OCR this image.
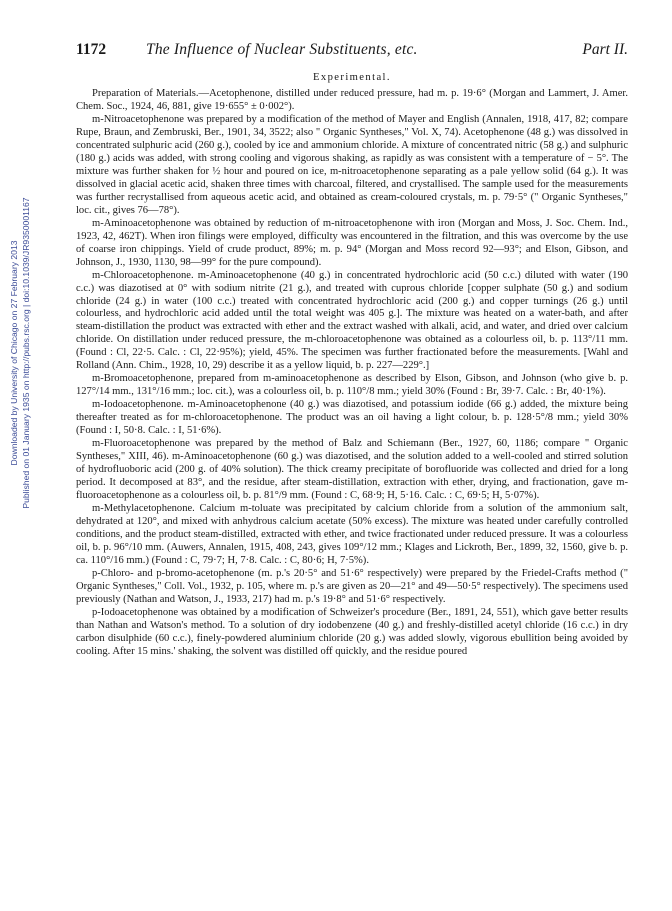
1172	The Influence of Nuclear Substituents, etc.	Part II.
Experimental.
Downloaded by University of Chicago on 27 February 2013 Published on 01 January 1935 on http://pubs.rsc.org | doi:10.1039/JR9350001167

Preparation of Materials.—Acetophenone, distilled under reduced pressure, had m. p. 19·6° (Morgan and Lammert, J. Amer. Chem. Soc., 1924, 46, 881, give 19·655° ± 0·002°).

m-Nitroacetophenone was prepared by a modification of the method of Mayer and English (Annalen, 1918, 417, 82; compare Rupe, Braun, and Zembruski, Ber., 1901, 34, 3522; also " Organic Syntheses," Vol. X, 74). Acetophenone (48 g.) was dissolved in concentrated sulphuric acid (260 g.), cooled by ice and ammonium chloride. A mixture of concentrated nitric (58 g.) and sulphuric (180 g.) acids was added, with strong cooling and vigorous shaking, as rapidly as was consistent with a temperature of − 5°. The mixture was further shaken for ½ hour and poured on ice, m-nitroacetophenone separating as a pale yellow solid (64 g.). It was dissolved in glacial acetic acid, shaken three times with charcoal, filtered, and crystallised. The sample used for the measurements was further recrystallised from aqueous acetic acid, and obtained as cream-coloured crystals, m. p. 79·5° (" Organic Syntheses," loc. cit., gives 76—78°).

m-Aminoacetophenone was obtained by reduction of m-nitroacetophenone with iron (Morgan and Moss, J. Soc. Chem. Ind., 1923, 42, 462T). When iron filings were employed, difficulty was encountered in the filtration, and this was overcome by the use of coarse iron chippings. Yield of crude product, 89%; m. p. 94° (Morgan and Moss record 92—93°; and Elson, Gibson, and Johnson, J., 1930, 1130, 98—99° for the pure compound).

m-Chloroacetophenone. m-Aminoacetophenone (40 g.) in concentrated hydrochloric acid (50 c.c.) diluted with water (190 c.c.) was diazotised at 0° with sodium nitrite (21 g.), and treated with cuprous chloride [copper sulphate (50 g.) and sodium chloride (24 g.) in water (100 c.c.) treated with concentrated hydrochloric acid (200 g.) and copper turnings (26 g.) until colourless, and hydrochloric acid added until the total weight was 405 g.]. The mixture was heated on a water-bath, and after steam-distillation the product was extracted with ether and the extract washed with alkali, acid, and water, and dried over calcium chloride. On distillation under reduced pressure, the m-chloroacetophenone was obtained as a colourless oil, b. p. 113°/11 mm. (Found : Cl, 22·5. Calc. : Cl, 22·95%); yield, 45%. The specimen was further fractionated before the measurements. [Wahl and Rolland (Ann. Chim., 1928, 10, 29) describe it as a yellow liquid, b. p. 227—229°.]

m-Bromoacetophenone, prepared from m-aminoacetophenone as described by Elson, Gibson, and Johnson (who give b. p. 127°/14 mm., 131°/16 mm.; loc. cit.), was a colourless oil, b. p. 110°/8 mm.; yield 30% (Found : Br, 39·7. Calc. : Br, 40·1%).

m-Iodoacetophenone. m-Aminoacetophenone (40 g.) was diazotised, and potassium iodide (66 g.) added, the mixture being thereafter treated as for m-chloroacetophenone. The product was an oil having a light colour, b. p. 128·5°/8 mm.; yield 30% (Found : I, 50·8. Calc. : I, 51·6%).

m-Fluoroacetophenone was prepared by the method of Balz and Schiemann (Ber., 1927, 60, 1186; compare " Organic Syntheses," XIII, 46). m-Aminoacetophenone (60 g.) was diazotised, and the solution added to a well-cooled and stirred solution of hydrofluoboric acid (200 g. of 40% solution). The thick creamy precipitate of borofluoride was collected and dried for a long period. It decomposed at 83°, and the residue, after steam-distillation, extraction with ether, drying, and fractionation, gave m-fluoroacetophenone as a colourless oil, b. p. 81°/9 mm. (Found : C, 68·9; H, 5·16. Calc. : C, 69·5; H, 5·07%).

m-Methylacetophenone. Calcium m-toluate was precipitated by calcium chloride from a solution of the ammonium salt, dehydrated at 120°, and mixed with anhydrous calcium acetate (50% excess). The mixture was heated under carefully controlled conditions, and the product steam-distilled, extracted with ether, and twice fractionated under reduced pressure. It was a colourless oil, b. p. 96°/10 mm. (Auwers, Annalen, 1915, 408, 243, gives 109°/12 mm.; Klages and Lickroth, Ber., 1899, 32, 1560, give b. p. ca. 110°/16 mm.) (Found : C, 79·7; H, 7·8. Calc. : C, 80·6; H, 7·5%).

p-Chloro- and p-bromo-acetophenone (m. p.'s 20·5° and 51·6° respectively) were prepared by the Friedel-Crafts method (" Organic Syntheses," Coll. Vol., 1932, p. 105, where m. p.'s are given as 20—21° and 49—50·5° respectively). The specimens used previously (Nathan and Watson, J., 1933, 217) had m. p.'s 19·8° and 51·6° respectively.

p-Iodoacetophenone was obtained by a modification of Schweizer's procedure (Ber., 1891, 24, 551), which gave better results than Nathan and Watson's method. To a solution of dry iodobenzene (40 g.) and freshly-distilled acetyl chloride (16 c.c.) in dry carbon disulphide (60 c.c.), finely-powdered aluminium chloride (20 g.) was added slowly, vigorous ebullition being avoided by cooling. After 15 mins.' shaking, the solvent was distilled off quickly, and the residue poured
